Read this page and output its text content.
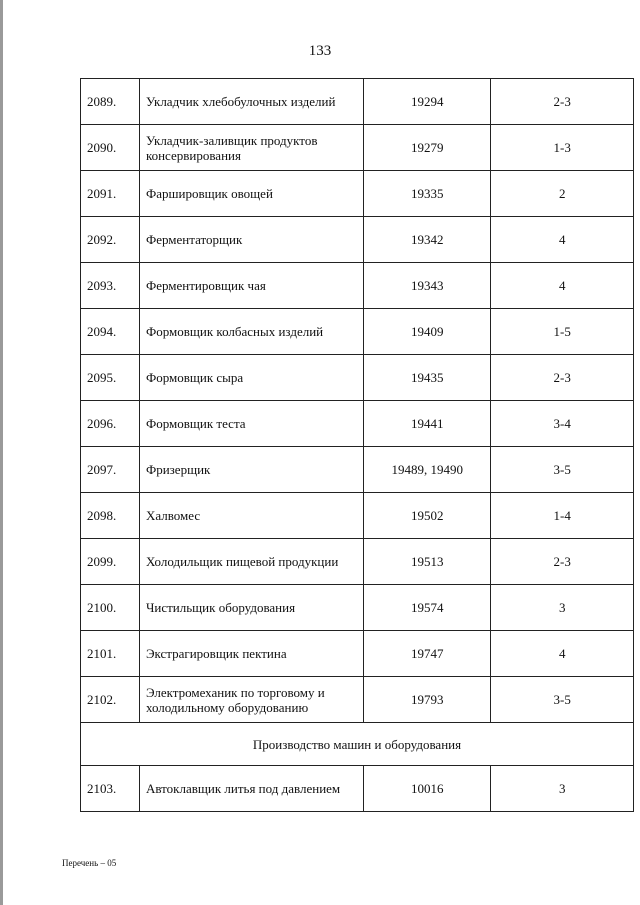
133
2089.	Укладчик хлебобулочных изделий	19294	2-3
2090.	Укладчик-заливщик продуктов консервирования	19279	1-3
2091.	Фаршировщик овощей	19335	2
2092.	Ферментаторщик	19342	4
2093.	Ферментировщик чая	19343	4
2094.	Формовщик колбасных изделий	19409	1-5
2095.	Формовщик сыра	19435	2-3
2096.	Формовщик теста	19441	3-4
2097.	Фризерщик	19489, 19490	3-5
2098.	Халвомес	19502	1-4
2099.	Холодильщик пищевой продукции	19513	2-3
2100.	Чистильщик оборудования	19574	3
2101.	Экстрагировщик пектина	19747	4
2102.	Электромеханик по торговому и холодильному оборудованию	19793	3-5
Производство машин и оборудования			
2103.	Автоклавщик литья под давлением	10016	3
Перечень – 05
